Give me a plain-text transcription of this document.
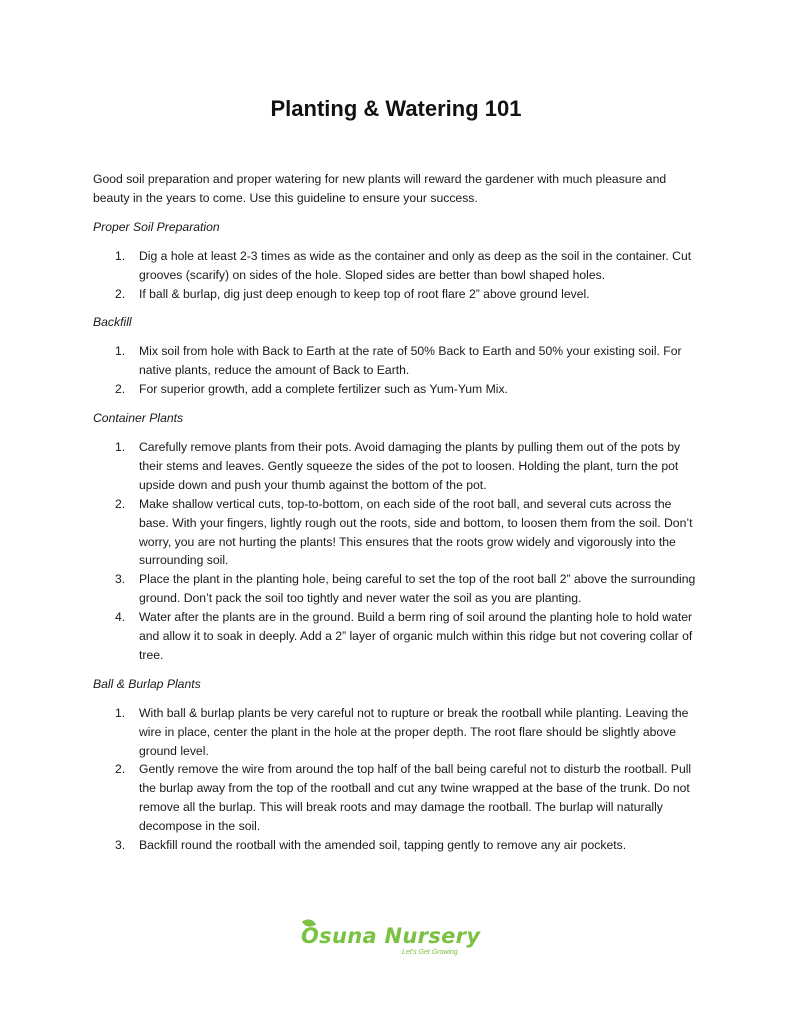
Planting & Watering 101

Good soil preparation and proper watering for new plants will reward the gardener with much pleasure and beauty in the years to come. Use this guideline to ensure your success.

Proper Soil Preparation
1. Dig a hole at least 2-3 times as wide as the container and only as deep as the soil in the container. Cut grooves (scarify) on sides of the hole. Sloped sides are better than bowl shaped holes.
2. If ball & burlap, dig just deep enough to keep top of root flare 2” above ground level.
Backfill
1. Mix soil from hole with Back to Earth at the rate of 50% Back to Earth and 50% your existing soil. For native plants, reduce the amount of Back to Earth.
2. For superior growth, add a complete fertilizer such as Yum-Yum Mix.
Container Plants
1. Carefully remove plants from their pots. Avoid damaging the plants by pulling them out of the pots by their stems and leaves. Gently squeeze the sides of the pot to loosen. Holding the plant, turn the pot upside down and push your thumb against the bottom of the pot.
2. Make shallow vertical cuts, top-to-bottom, on each side of the root ball, and several cuts across the base. With your fingers, lightly rough out the roots, side and bottom, to loosen them from the soil. Don’t worry, you are not hurting the plants! This ensures that the roots grow widely and vigorously into the surrounding soil.
3. Place the plant in the planting hole, being careful to set the top of the root ball 2” above the surrounding ground. Don’t pack the soil too tightly and never water the soil as you are planting.
4. Water after the plants are in the ground. Build a berm ring of soil around the planting hole to hold water and allow it to soak in deeply. Add a 2” layer of organic mulch within this ridge but not covering collar of tree.
Ball & Burlap Plants
1. With ball & burlap plants be very careful not to rupture or break the rootball while planting. Leaving the wire in place, center the plant in the hole at the proper depth. The root flare should be slightly above ground level.
2. Gently remove the wire from around the top half of the ball being careful not to disturb the rootball. Pull the burlap away from the top of the rootball and cut any twine wrapped at the base of the trunk. Do not remove all the burlap. This will break roots and may damage the rootball. The burlap will naturally decompose in the soil.
3. Backfill round the rootball with the amended soil, tapping gently to remove any air pockets.
Osuna Nursery
Let's Get Growing
